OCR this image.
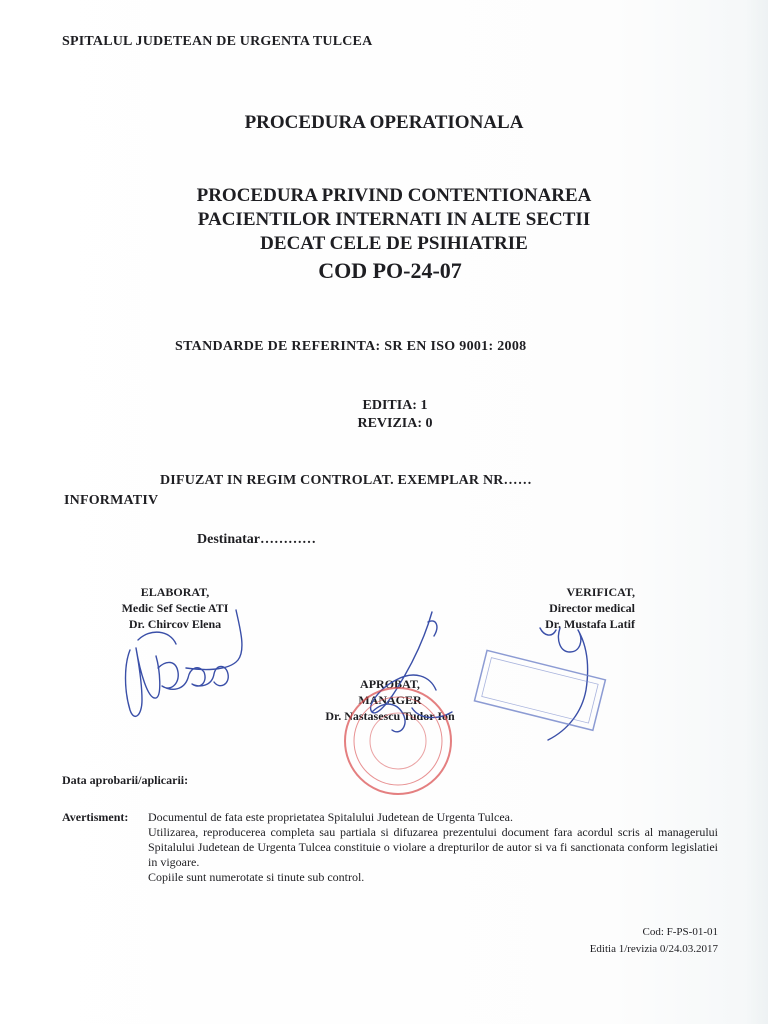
SPITALUL JUDETEAN DE URGENTA TULCEA
PROCEDURA OPERATIONALA
PROCEDURA PRIVIND CONTENTIONAREA
PACIENTILOR INTERNATI IN ALTE SECTII
DECAT CELE DE PSIHIATRIE
COD PO-24-07
STANDARDE DE REFERINTA: SR EN ISO 9001: 2008
EDITIA: 1
REVIZIA: 0
DIFUZAT IN REGIM CONTROLAT. EXEMPLAR NR……
INFORMATIV
Destinatar…………
ELABORAT,
Medic Sef Sectie ATI
Dr. Chircov Elena
VERIFICAT,
Director medical
Dr. Mustafa Latif
APROBAT,
MANAGER
Dr. Nastasescu Tudor Ion
Data aprobarii/aplicarii:
Avertisment: Documentul de fata este proprietatea Spitalului Judetean de Urgenta Tulcea.

Utilizarea, reproducerea completa sau partiala si difuzarea prezentului document fara acordul scris al managerului Spitalului Judetean de Urgenta Tulcea constituie o violare a drepturilor de autor si va fi sanctionata conform legislatiei in vigoare.

Copiile sunt numerotate si tinute sub control.

Cod: F-PS-01-01
Editia 1/revizia 0/24.03.2017
